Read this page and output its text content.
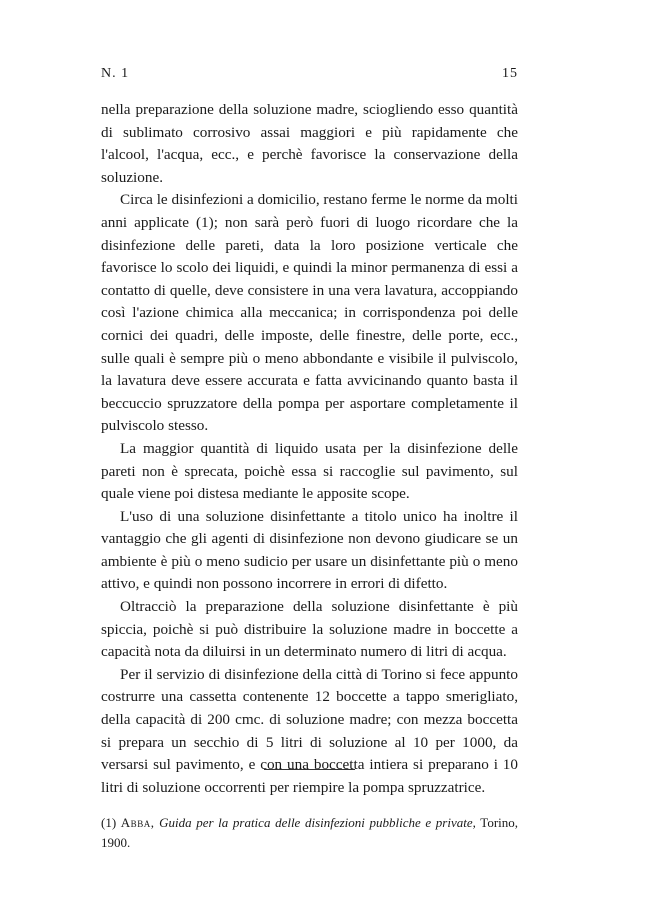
N. 1	15

nella preparazione della soluzione madre, sciogliendo esso quantità di sublimato corrosivo assai maggiori e più rapidamente che l'alcool, l'acqua, ecc., e perchè favorisce la conservazione della soluzione.

Circa le disinfezioni a domicilio, restano ferme le norme da molti anni applicate (1); non sarà però fuori di luogo ricordare che la disinfezione delle pareti, data la loro posizione verticale che favorisce lo scolo dei liquidi, e quindi la minor permanenza di essi a contatto di quelle, deve consistere in una vera lavatura, accoppiando così l'azione chimica alla meccanica; in corrispondenza poi delle cornici dei quadri, delle imposte, delle finestre, delle porte, ecc., sulle quali è sempre più o meno abbondante e visibile il pulviscolo, la lavatura deve essere accurata e fatta avvicinando quanto basta il beccuccio spruzzatore della pompa per asportare completamente il pulviscolo stesso.

La maggior quantità di liquido usata per la disinfezione delle pareti non è sprecata, poichè essa si raccoglie sul pavimento, sul quale viene poi distesa mediante le apposite scope.

L'uso di una soluzione disinfettante a titolo unico ha inoltre il vantaggio che gli agenti di disinfezione non devono giudicare se un ambiente è più o meno sudicio per usare un disinfettante più o meno attivo, e quindi non possono incorrere in errori di difetto.

Oltracciò la preparazione della soluzione disinfettante è più spiccia, poichè si può distribuire la soluzione madre in boccette a capacità nota da diluirsi in un determinato numero di litri di acqua.

Per il servizio di disinfezione della città di Torino si fece appunto costrurre una cassetta contenente 12 boccette a tappo smerigliato, della capacità di 200 cmc. di soluzione madre; con mezza boccetta si prepara un secchio di 5 litri di soluzione al 10 per 1000, da versarsi sul pavimento, e con una boccetta intiera si preparano i 10 litri di soluzione occorrenti per riempire la pompa spruzzatrice.

(1) Abba, Guida per la pratica delle disinfezioni pubbliche e private, Torino, 1900.
